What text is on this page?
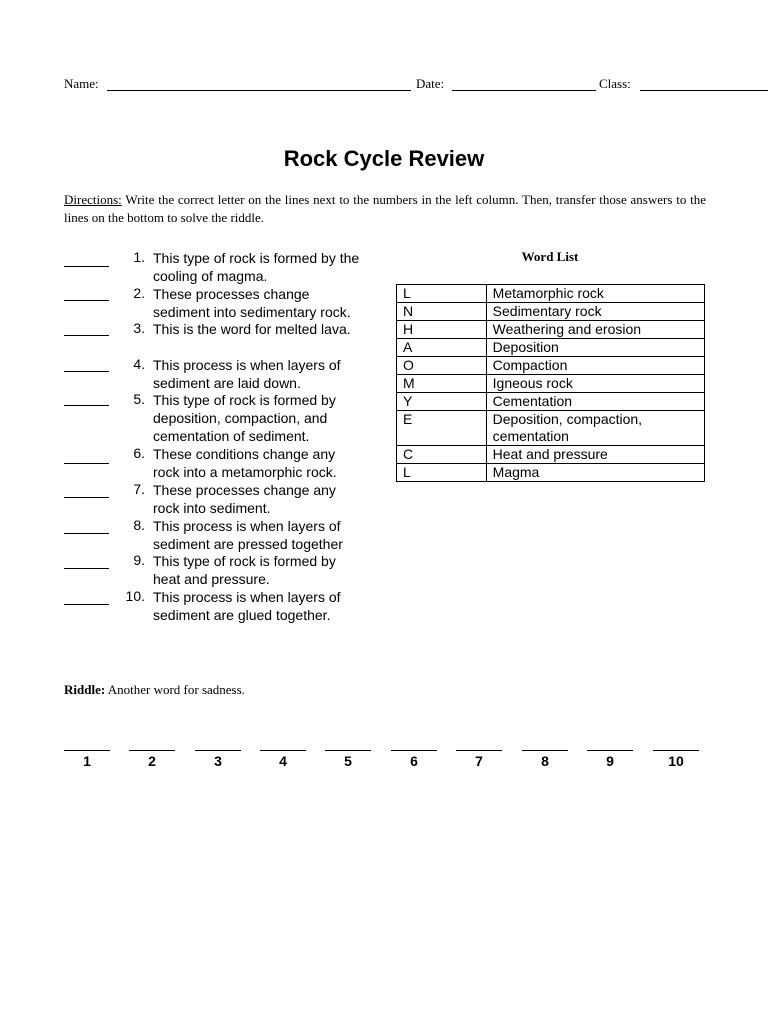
Name:	Date:	Class:
Rock Cycle Review
Directions: Write the correct letter on the lines next to the numbers in the left column. Then, transfer those answers to the lines on the bottom to solve the riddle.
1. This type of rock is formed by the
cooling of magma.
2. These processes change
sediment into sedimentary rock.
3. This is the word for melted lava.
4. This process is when layers of
sediment are laid down.
5. This type of rock is formed by
deposition, compaction, and
cementation of sediment.
6. These conditions change any
rock into a metamorphic rock.
7. These processes change any
rock into sediment.
8. This process is when layers of
sediment are pressed together
9. This type of rock is formed by
heat and pressure.
10. This process is when layers of
sediment are glued together.
Word List
L	Metamorphic rock
N	Sedimentary rock
H	Weathering and erosion
A	Deposition
O	Compaction
M	Igneous rock
Y	Cementation
E	Deposition, compaction, cementation
C	Heat and pressure
L	Magma
Riddle: Another word for sadness.
1	2	3	4	5	6	7	8	9	10
